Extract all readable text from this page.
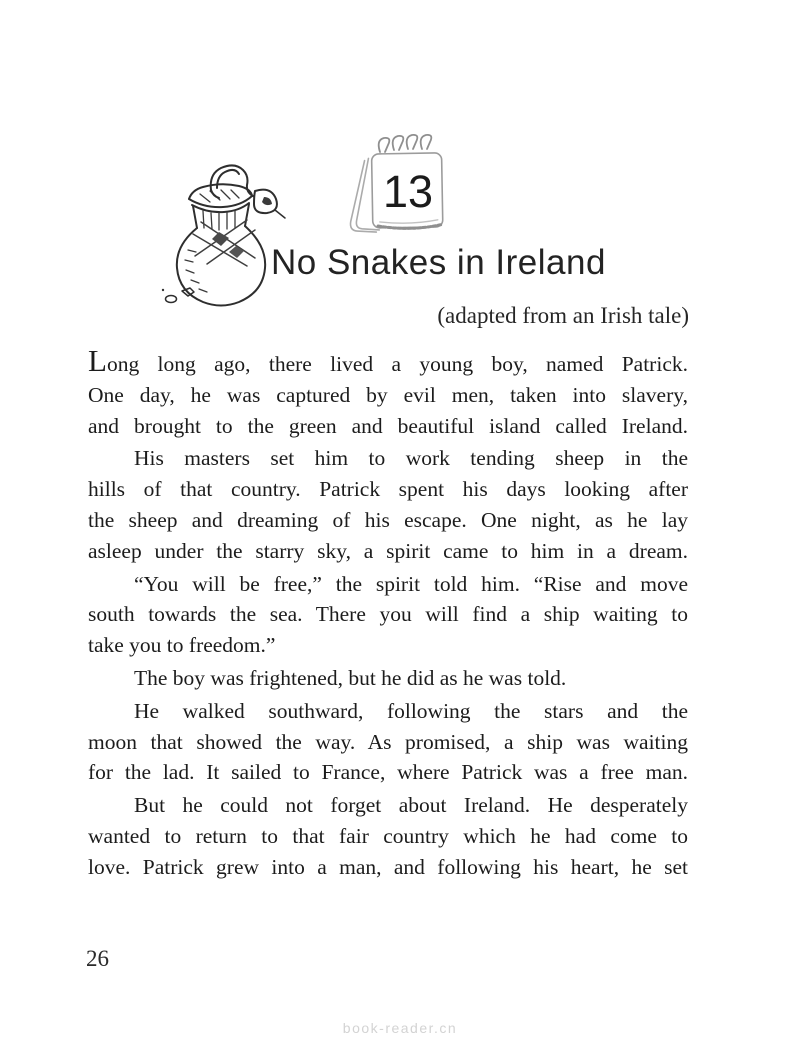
13
No Snakes in Ireland
(adapted from an Irish tale)

Long long ago, there lived a young boy, named Patrick.
One day, he was captured by evil men, taken into slavery,
and brought to the green and beautiful island called Ireland.

His masters set him to work tending sheep in the
hills of that country. Patrick spent his days looking after
the sheep and dreaming of his escape. One night, as he lay
asleep under the starry sky, a spirit came to him in a dream.

“You will be free,” the spirit told him. “Rise and move
south towards the sea. There you will find a ship waiting to
take you to freedom.”

The boy was frightened, but he did as he was told.

He walked southward, following the stars and the
moon that showed the way. As promised, a ship was waiting
for the lad. It sailed to France, where Patrick was a free man.

But he could not forget about Ireland. He desperately
wanted to return to that fair country which he had come to
love. Patrick grew into a man, and following his heart, he set

26
book-reader.cn
